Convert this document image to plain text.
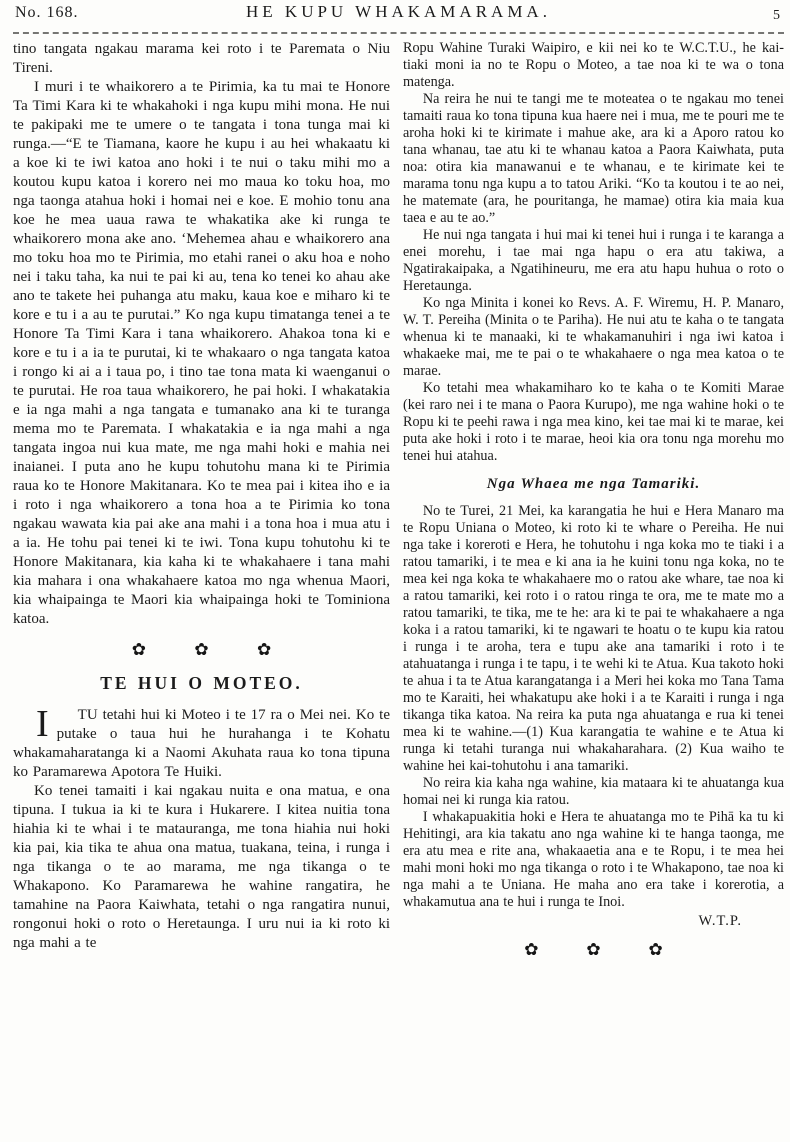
No. 168.	HE KUPU WHAKAMARAMA.	5

tino tangata ngakau marama kei roto i te Paremata o Niu Tireni.

I muri i te whaikorero a te Pirimia, ka tu mai te Honore Ta Timi Kara ki te whakahoki i nga kupu mihi mona. He nui te pakipaki me te umere o te tangata i tona tunga mai ki runga.—“E te Tiamana, kaore he kupu i au hei whakaatu ki a koe ki te iwi katoa ano hoki i te nui o taku mihi mo a koutou kupu katoa i korero nei mo maua ko toku hoa, mo nga taonga atahua hoki i homai nei e koe. E mohio tonu ana koe he mea uaua rawa te whakatika ake ki runga te whaikorero mona ake ano. ‘Mehemea ahau e whaikorero ana mo toku hoa mo te Pirimia, mo etahi ranei o aku hoa e noho nei i taku taha, ka nui te pai ki au, tena ko tenei ko ahau ake ano te takete hei puhanga atu maku, kaua koe e miharo ki te kore e tu i a au te purutai.” Ko nga kupu timatanga tenei a te Honore Ta Timi Kara i tana whaikorero. Ahakoa tona ki e kore e tu i a ia te purutai, ki te whakaaro o nga tangata katoa i rongo ki ai a i taua po, i tino tae tona mata ki waenganui o te purutai. He roa taua whaikorero, he pai hoki. I whakatakia e ia nga mahi a nga tangata e tumanako ana ki te turanga mema mo te Paremata. I whakatakia e ia nga mahi a nga tangata ingoa nui kua mate, me nga mahi hoki e mahia nei inaianei. I puta ano he kupu tohutohu mana ki te Pirimia raua ko te Honore Makitanara. Ko te mea pai i kitea iho e ia i roto i nga whaikorero a tona hoa a te Pirimia ko tona ngakau wawata kia pai ake ana mahi i a tona hoa i mua atu i a ia. He tohu pai tenei ki te iwi. Tona kupu tohutohu ki te Honore Makitanara, kia kaha ki te whakahaere i tana mahi kia mahara i ona whakahaere katoa mo nga whenua Maori, kia whaipainga te Maori kia whaipainga hoki te Tominiona katoa.

✿	✿	✿
TE HUI O MOTEO.

I TU tetahi hui ki Moteo i te 17 ra o Mei nei. Ko te putake o taua hui he hurahanga i te Kohatu whakamaharatanga ki a Naomi Akuhata raua ko tona tipuna ko Paramarewa Apotora Te Huiki.

Ko tenei tamaiti i kai ngakau nuita e ona matua, e ona tipuna. I tukua ia ki te kura i Hukarere. I kitea nuitia tona hiahia ki te whai i te matauranga, me tona hiahia nui hoki kia pai, kia tika te ahua ona matua, tuakana, teina, i runga i nga tikanga o te ao marama, me nga tikanga o te Whakapono. Ko Paramarewa he wahine rangatira, he tamahine na Paora Kaiwhata, tetahi o nga rangatira nunui, rongonui hoki o roto o Heretaunga. I uru nui ia ki roto ki nga mahi a te

Ropu Wahine Turaki Waipiro, e kii nei ko te W.C.T.U., he kai-tiaki moni ia no te Ropu o Moteo, a tae noa ki te wa o tona matenga.

Na reira he nui te tangi me te moteatea o te ngakau mo tenei tamaiti raua ko tona tipuna kua haere nei i mua, me te pouri me te aroha hoki ki te kirimate i mahue ake, ara ki a Aporo ratou ko tana whanau, tae atu ki te whanau katoa a Paora Kaiwhata, puta noa: otira kia manawanui e te whanau, e te kirimate kei te marama tonu nga kupu a to tatou Ariki. “Ko ta koutou i te ao nei, he matemate (ara, he pouritanga, he mamae) otira kia maia kua taea e au te ao.”

He nui nga tangata i hui mai ki tenei hui i runga i te karanga a enei morehu, i tae mai nga hapu o era atu takiwa, a Ngatirakaipaka, a Ngatihineuru, me era atu hapu huhua o roto o Heretaunga.

Ko nga Minita i konei ko Revs. A. F. Wiremu, H. P. Manaro, W. T. Pereiha (Minita o te Pariha). He nui atu te kaha o te tangata whenua ki te manaaki, ki te whakamanuhiri i nga iwi katoa i whakaeke mai, me te pai o te whakahaere o nga mea katoa o te marae.

Ko tetahi mea whakamiharo ko te kaha o te Komiti Marae (kei raro nei i te mana o Paora Kurupo), me nga wahine hoki o te Ropu ki te peehi rawa i nga mea kino, kei tae mai ki te marae, kei puta ake hoki i roto i te marae, heoi kia ora tonu nga morehu mo tenei hui atahua.

Nga Whaea me nga Tamariki.

No te Turei, 21 Mei, ka karangatia he hui e Hera Manaro ma te Ropu Uniana o Moteo, ki roto ki te whare o Pereiha. He nui nga take i koreroti e Hera, he tohutohu i nga koka mo te tiaki i a ratou tamariki, i te mea e ki ana ia he kuini tonu nga koka, no te mea kei nga koka te whakahaere mo o ratou ake whare, tae noa ki a ratou tamariki, kei roto i o ratou ringa te ora, me te mate mo a ratou tamariki, te tika, me te he: ara ki te pai te whakahaere a nga koka i a ratou tamariki, ki te ngawari te hoatu o te kupu kia ratou i runga i te aroha, tera e tupu ake ana tamariki i roto i te atahuatanga i runga i te tapu, i te wehi ki te Atua. Kua takoto hoki te ahua i ta te Atua karangatanga i a Meri hei koka mo Tana Tama mo te Karaiti, hei whakatupu ake hoki i a te Karaiti i runga i nga tikanga tika katoa. Na reira ka puta nga ahuatanga e rua ki tenei mea ki te wahine.—(1) Kua karangatia te wahine e te Atua ki runga ki tetahi turanga nui whakaharahara. (2) Kua waiho te wahine hei kai-tohutohu i ana tamariki.

No reira kia kaha nga wahine, kia mataara ki te ahuatanga kua homai nei ki runga kia ratou.

I whakapuakitia hoki e Hera te ahuatanga mo te Pihā ka tu ki Hehitingi, ara kia takatu ano nga wahine ki te hanga taonga, me era atu mea e rite ana, whakaaetia ana e te Ropu, i te mea hei mahi moni hoki mo nga tikanga o roto i te Whakapono, tae noa ki nga mahi a te Uniana. He maha ano era take i korerotia, a whakamutua ana te hui i runga te Inoi.

W.T.P.

✿	✿	✿
